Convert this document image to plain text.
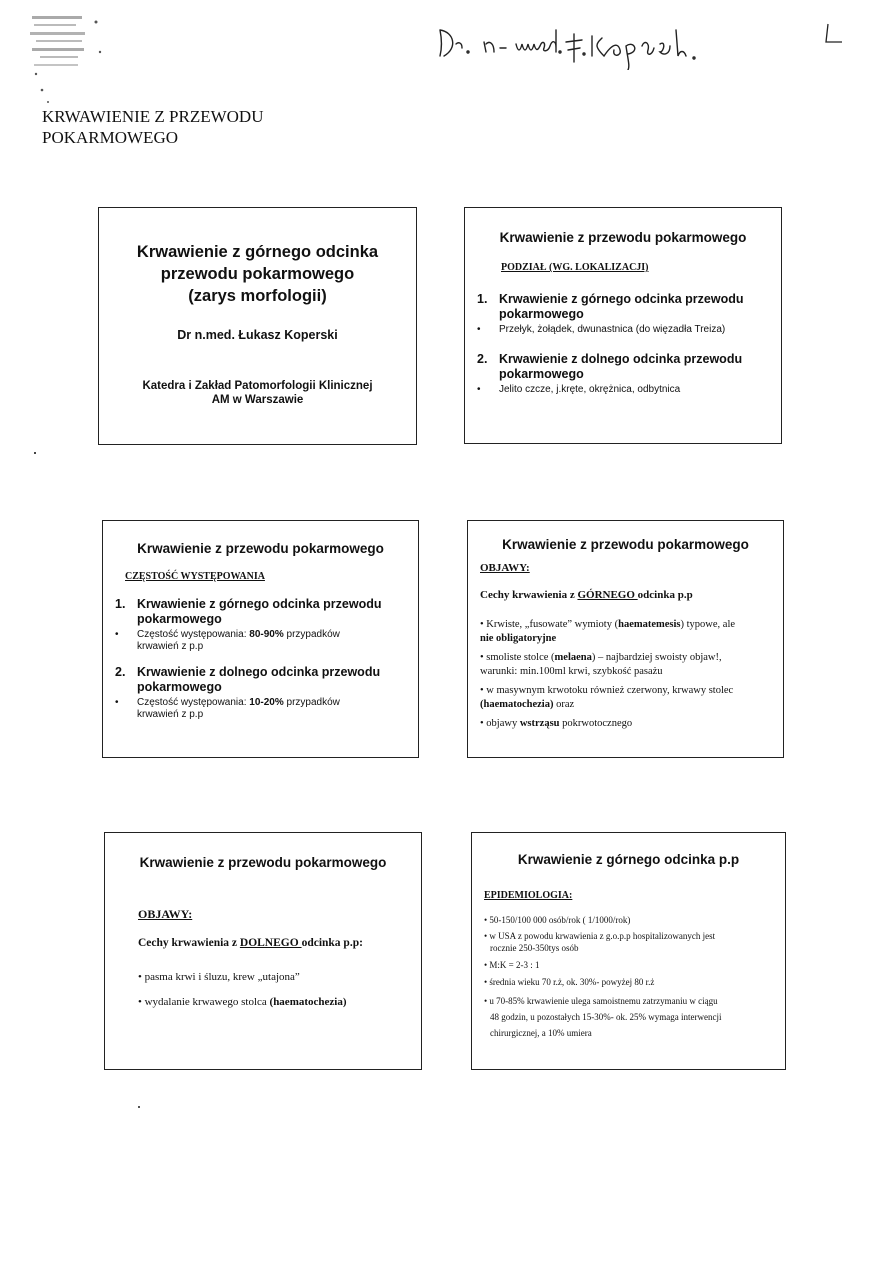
KRWAWIENIE Z PRZEWODU
POKARMOWEGO
Krwawienie z górnego odcinka
przewodu pokarmowego
(zarys morfologii)
Dr n.med. Łukasz Koperski
Katedra i Zakład Patomorfologii Klinicznej
AM w Warszawie
Krwawienie z przewodu pokarmowego
PODZIAŁ (WG. LOKALIZACJI)
1. Krwawienie z górnego odcinka przewodu
pokarmowego
•	Przełyk, żołądek, dwunastnica (do więzadła Treiza)
2. Krwawienie z dolnego odcinka przewodu
pokarmowego
•	Jelito czcze, j.kręte, okrężnica, odbytnica
Krwawienie z przewodu pokarmowego
CZĘSTOŚĆ WYSTĘPOWANIA
1. Krwawienie z górnego odcinka przewodu
pokarmowego
•	Częstość występowania: 80-90% przypadków
krwawień z p.p
2. Krwawienie z dolnego odcinka przewodu
pokarmowego
•	Częstość występowania: 10-20% przypadków
krwawień z p.p
Krwawienie z przewodu pokarmowego
OBJAWY:
Cechy krwawienia z GÓRNEGO odcinka p.p
• Krwiste, „fusowate” wymioty (haematemesis) typowe, ale
nie obligatoryjne
• smoliste stolce (melaena) – najbardziej swoisty objaw!,
warunki: min.100ml krwi, szybkość pasażu
• w masywnym krwotoku również czerwony, krwawy stolec
(haematochezia) oraz
• objawy wstrząsu pokrwotocznego
Krwawienie z przewodu pokarmowego
OBJAWY:
Cechy krwawienia z DOLNEGO odcinka p.p:
• pasma krwi i śluzu, krew „utajona”
• wydalanie krwawego stolca (haematochezia)
Krwawienie z górnego odcinka p.p
EPIDEMIOLOGIA:
• 50-150/100 000 osób/rok ( 1/1000/rok)
• w USA z powodu krwawienia z g.o.p.p hospitalizowanych jest
rocznie 250-350tys osób
• M:K = 2-3 : 1
• średnia wieku 70 r.ż, ok. 30%- powyżej 80 r.ż
• u 70-85% krwawienie ulega samoistnemu zatrzymaniu w ciągu
48 godzin, u pozostałych 15-30%- ok. 25% wymaga interwencji
chirurgicznej, a 10% umiera
